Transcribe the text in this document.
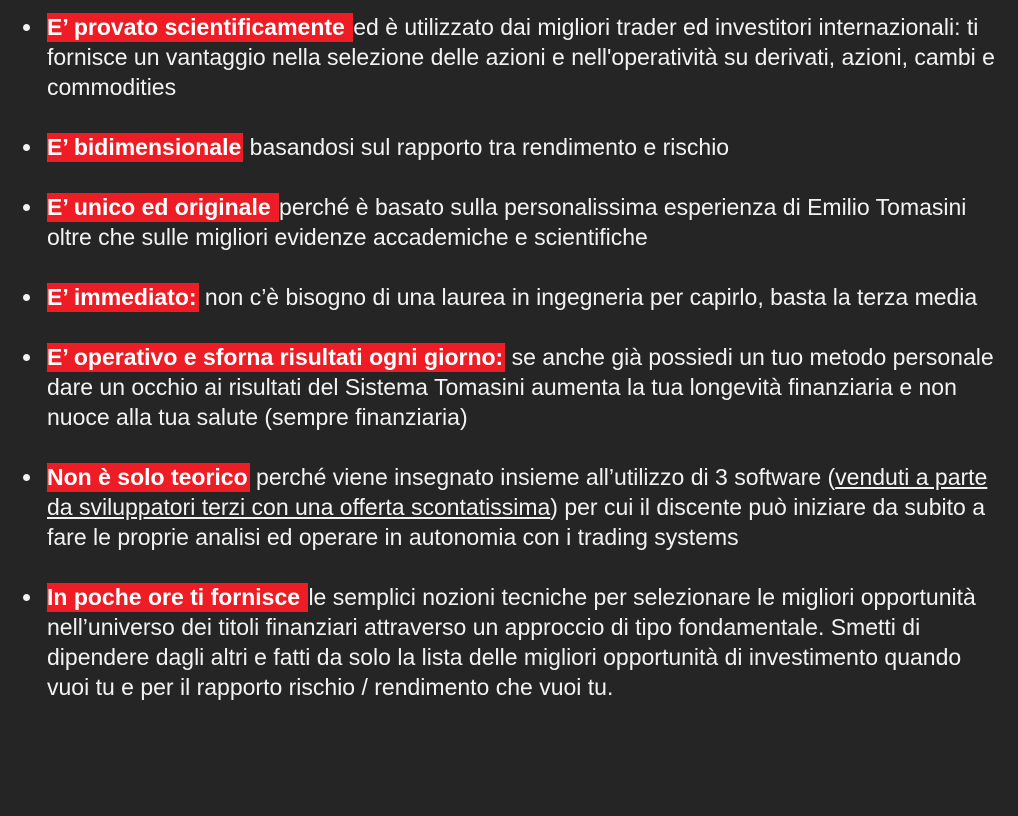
E’ provato scientificamente ed è utilizzato dai migliori trader ed investitori internazionali: ti fornisce un vantaggio nella selezione delle azioni e nell'operatività su derivati, azioni, cambi e commodities
E’ bidimensionale basandosi sul rapporto tra rendimento e rischio
E’ unico ed originale perché è basato sulla personalissima esperienza di Emilio Tomasini oltre che sulle migliori evidenze accademiche e scientifiche
E’ immediato: non c’è bisogno di una laurea in ingegneria per capirlo, basta la terza media
E’ operativo e sforna risultati ogni giorno: se anche già possiedi un tuo metodo personale dare un occhio ai risultati del Sistema Tomasini aumenta la tua longevità finanziaria e non nuoce alla tua salute (sempre finanziaria)
Non è solo teorico perché viene insegnato insieme all’utilizzo di 3 software (venduti a parte da sviluppatori terzi con una offerta scontatissima) per cui il discente può iniziare da subito a fare le proprie analisi ed operare in autonomia con i trading systems
In poche ore ti fornisce le semplici nozioni tecniche per selezionare le migliori opportunità nell’universo dei titoli finanziari attraverso un approccio di tipo fondamentale. Smetti di dipendere dagli altri e fatti da solo la lista delle migliori opportunità di investimento quando vuoi tu e per il rapporto rischio / rendimento che vuoi tu.
